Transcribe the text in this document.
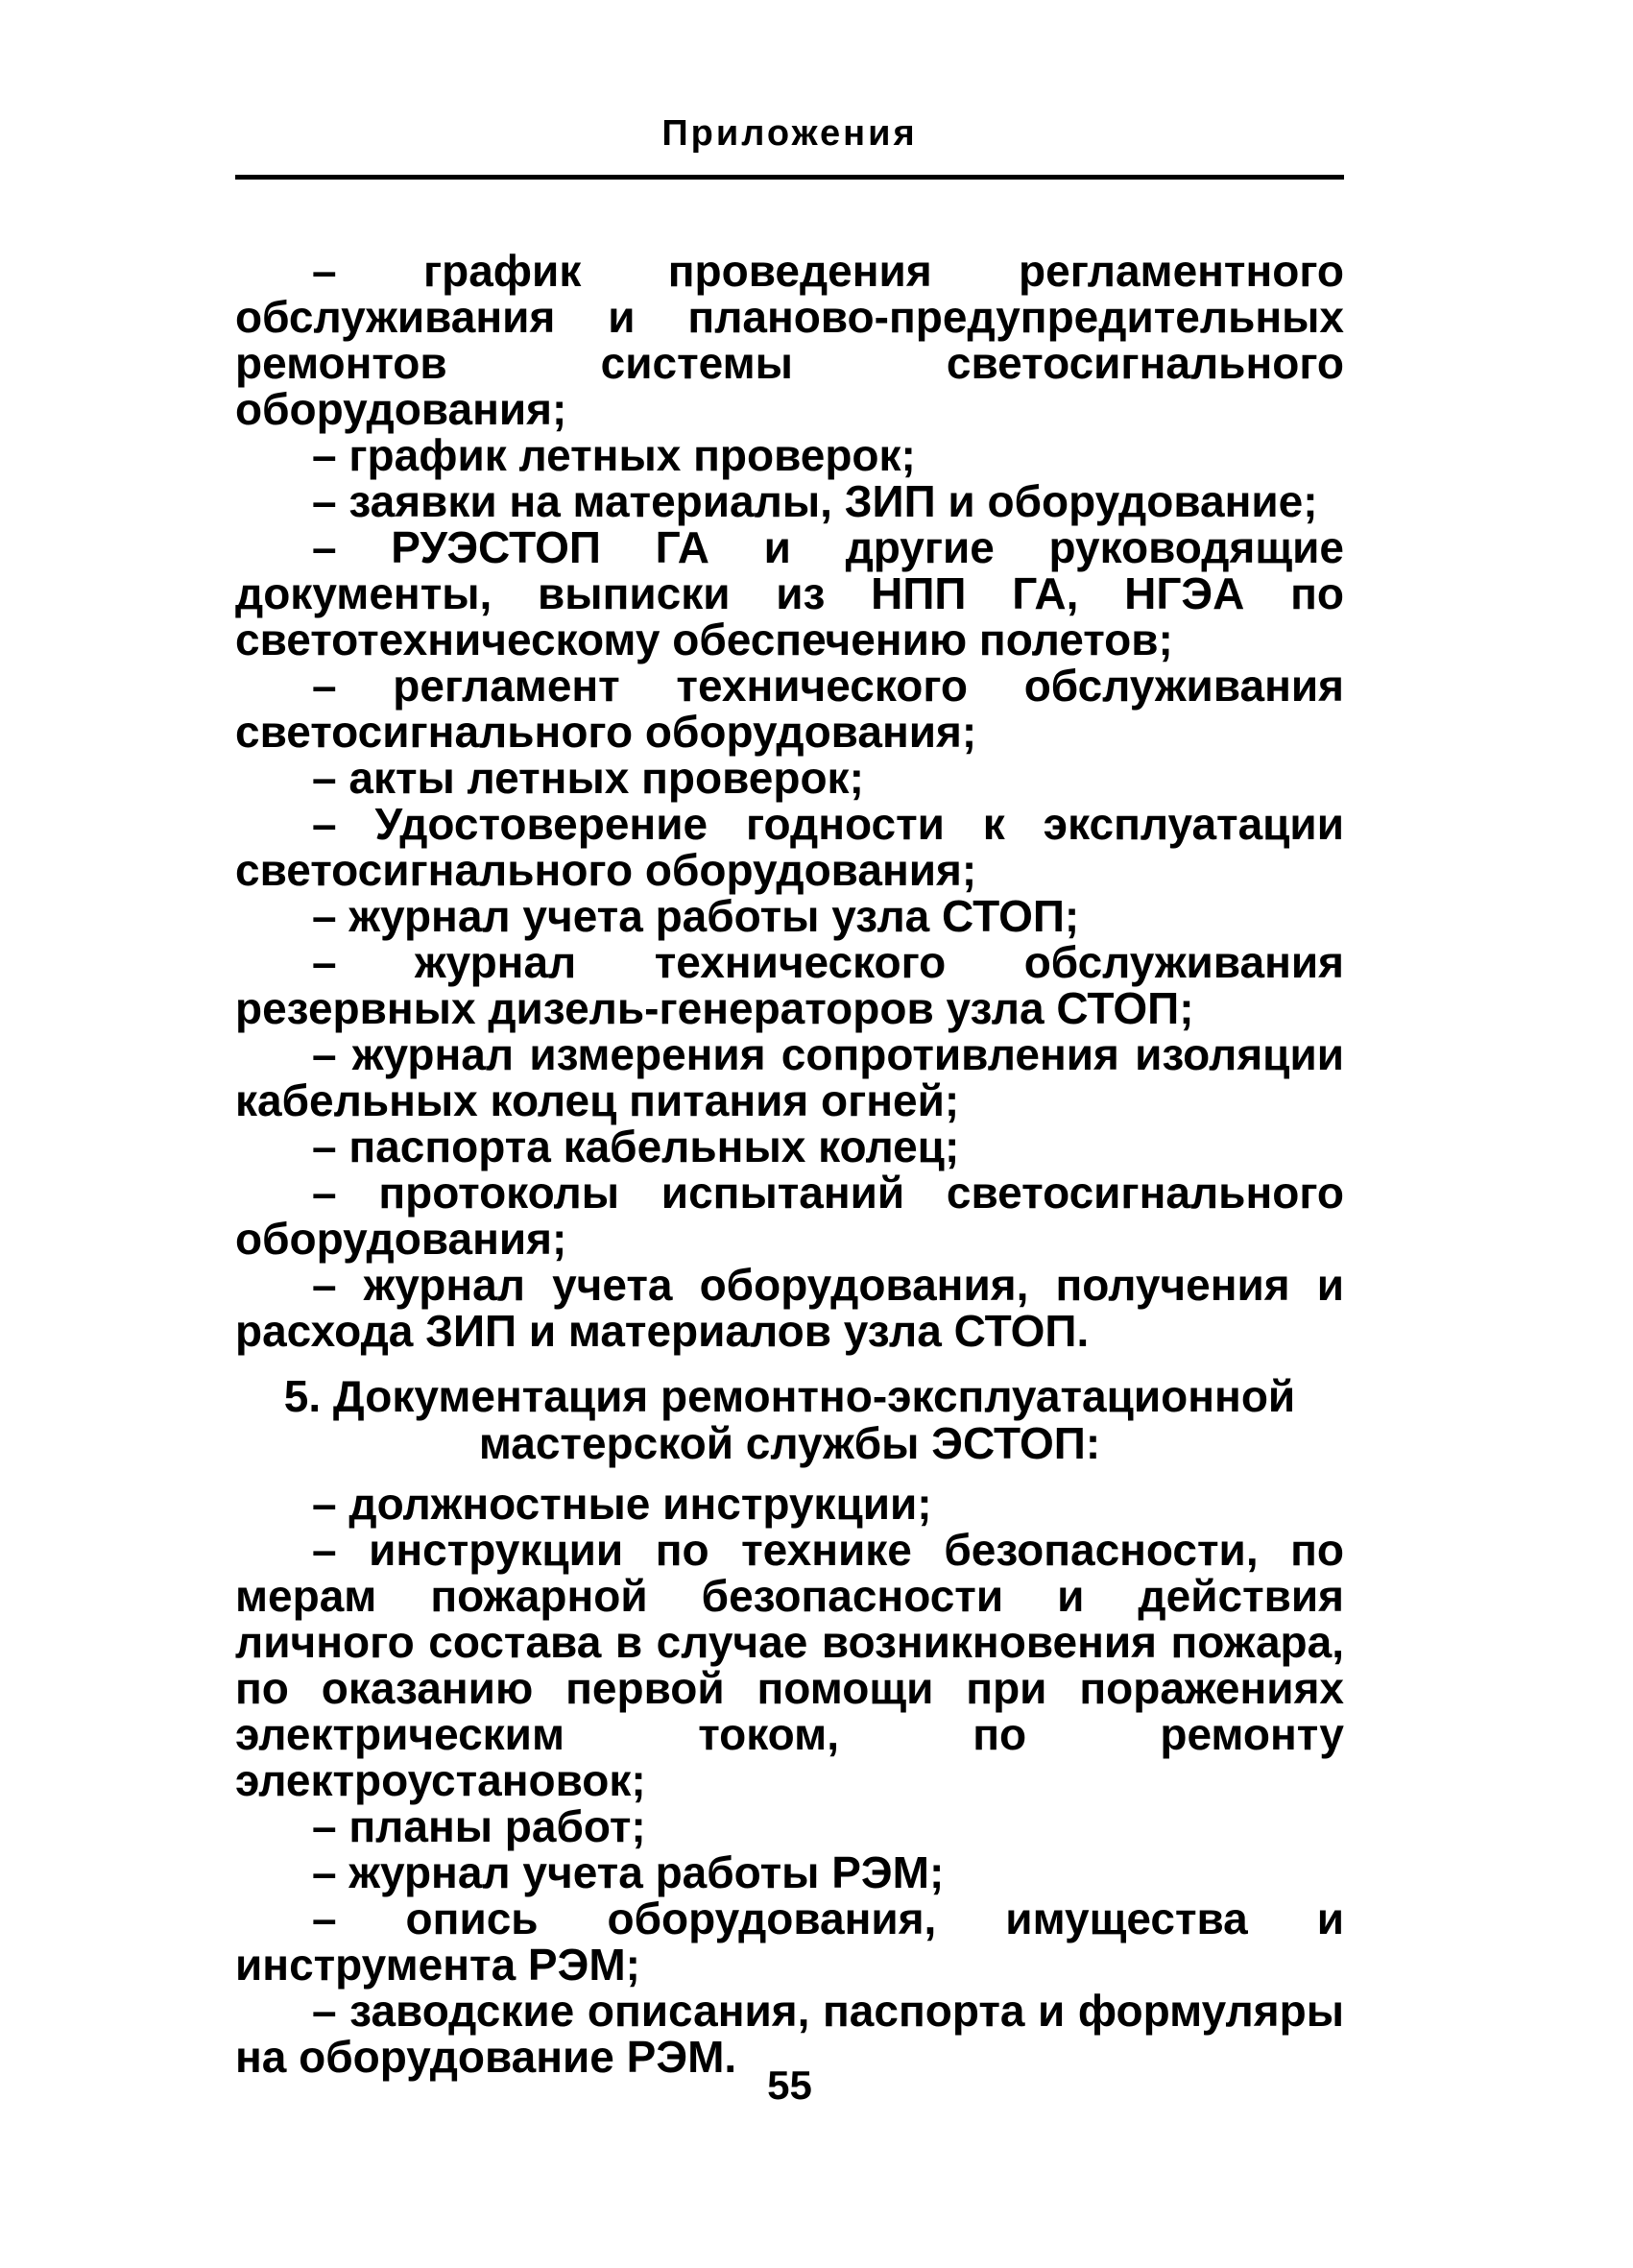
Приложения

– график проведения регламентного обслуживания и планово-предупредительных ремонтов системы светосигнального оборудования;

– график летных проверок;

– заявки на материалы, ЗИП и оборудование;

– РУЭСТОП ГА и другие руководящие документы, выписки из НПП ГА, НГЭА по светотехническому обеспечению полетов;

– регламент технического обслуживания светосигнального оборудования;

– акты летных проверок;

– Удостоверение годности к эксплуатации светосигнального оборудования;

– журнал учета работы узла СТОП;

– журнал технического обслуживания резервных дизель-генераторов узла СТОП;

– журнал измерения сопротивления изоляции кабельных колец питания огней;

– паспорта кабельных колец;

– протоколы испытаний светосигнального оборудования;

– журнал учета оборудования, получения и расхода ЗИП и материалов узла СТОП.

5. Документация ремонтно-эксплуатационной
мастерской службы ЭСТОП:

– должностные инструкции;

– инструкции по технике безопасности, по мерам пожарной безопасности и действия личного состава в случае возникновения пожара, по оказанию первой помощи при поражениях электрическим током, по ремонту электроустановок;

– планы работ;

– журнал учета работы РЭМ;

– опись оборудования, имущества и инструмента РЭМ;

– заводские описания, паспорта и формуляры на оборудование РЭМ.

55
